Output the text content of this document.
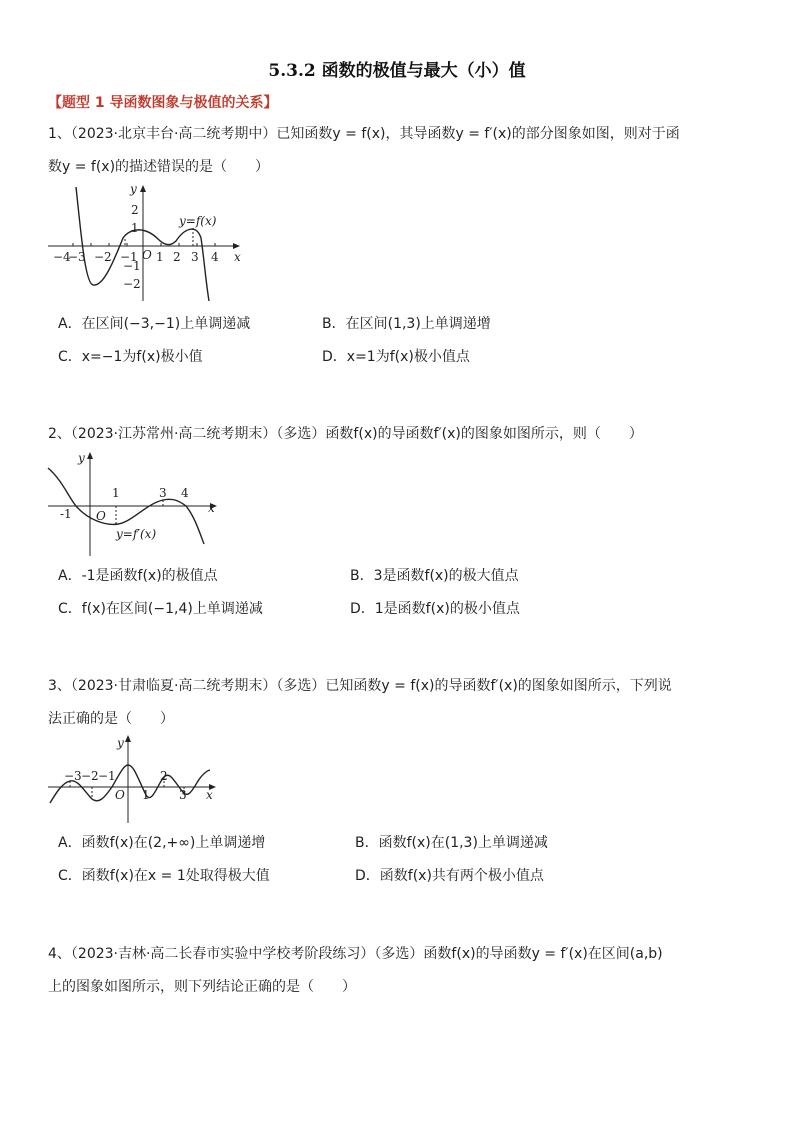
5.3.2 函数的极值与最大（小）值
【题型 1 导函数图象与极值的关系】
1、（2023·北京丰台·高二统考期中）已知函数y = f(x)，其导函数y = f′(x)的部分图象如图，则对于函
数y = f(x)的描述错误的是（　　）
x
y
O
−4
−3 −2 −1 1 2 3 4
2
1
−1
−2
y=f(x)
A．在区间(−3,−1)上单调递减	B．在区间(1,3)上单调递增
C．x=−1为f(x)极小值	D．x=1为f(x)极小值点
2、（2023·江苏常州·高二统考期末）（多选）函数f(x)的导函数f′(x)的图象如图所示，则（　　）
x
y
O
-1
1	3 4
y=f′(x)
A．-1是函数f(x)的极值点	B．3是函数f(x)的极大值点
C．f(x)在区间(−1,4)上单调递减	D．1是函数f(x)的极小值点
3、（2023·甘肃临夏·高二统考期末）（多选）已知函数y = f(x)的导函数f′(x)的图象如图所示，下列说
法正确的是（　　）
x
y
O
−3 −2 −1	2
1 3
A．函数f(x)在(2,+∞)上单调递增	B．函数f(x)在(1,3)上单调递减
C．函数f(x)在x = 1处取得极大值	D．函数f(x)共有两个极小值点
4、（2023·吉林·高二长春市实验中学校考阶段练习）（多选）函数f(x)的导函数y = f′(x)在区间(a,b)
上的图象如图所示，则下列结论正确的是（　　）
